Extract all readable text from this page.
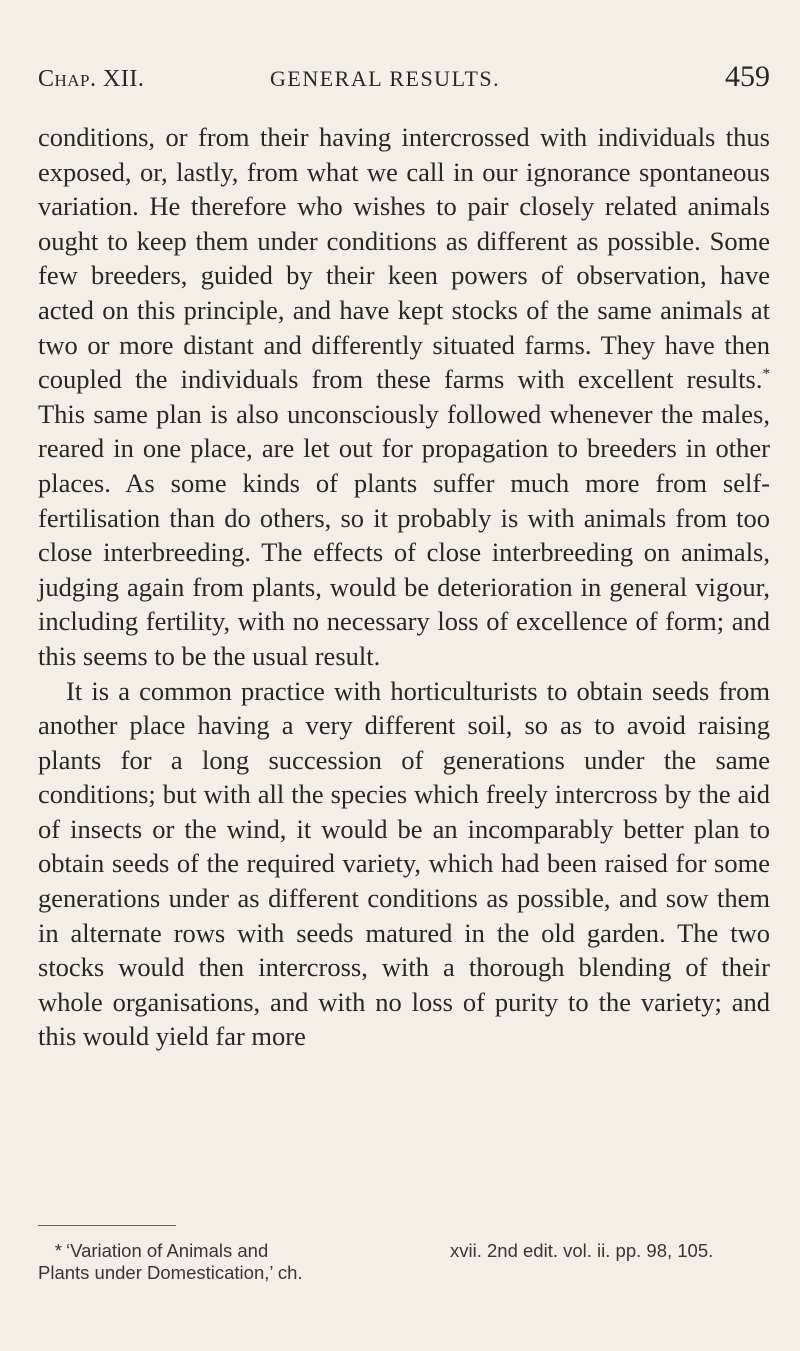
Chap. XII.	GENERAL RESULTS.	459

conditions, or from their having intercrossed with individuals thus exposed, or, lastly, from what we call in our ignorance spontaneous variation. He therefore who wishes to pair closely related animals ought to keep them under conditions as different as possible. Some few breeders, guided by their keen powers of observation, have acted on this principle, and have kept stocks of the same animals at two or more distant and differently situated farms. They have then coupled the individuals from these farms with excellent results.* This same plan is also unconsciously followed whenever the males, reared in one place, are let out for propagation to breeders in other places. As some kinds of plants suffer much more from self-fertilisation than do others, so it probably is with animals from too close interbreeding. The effects of close interbreeding on animals, judging again from plants, would be deterioration in general vigour, including fertility, with no necessary loss of excellence of form; and this seems to be the usual result.

It is a common practice with horticulturists to obtain seeds from another place having a very different soil, so as to avoid raising plants for a long succession of generations under the same conditions; but with all the species which freely intercross by the aid of insects or the wind, it would be an incomparably better plan to obtain seeds of the required variety, which had been raised for some generations under as different conditions as possible, and sow them in alternate rows with seeds matured in the old garden. The two stocks would then intercross, with a thorough blending of their whole organisations, and with no loss of purity to the variety; and this would yield far more

* ‘Variation of Animals and
Plants under Domestication,’ ch.xvii. 2nd edit. vol. ii. pp. 98, 105.
